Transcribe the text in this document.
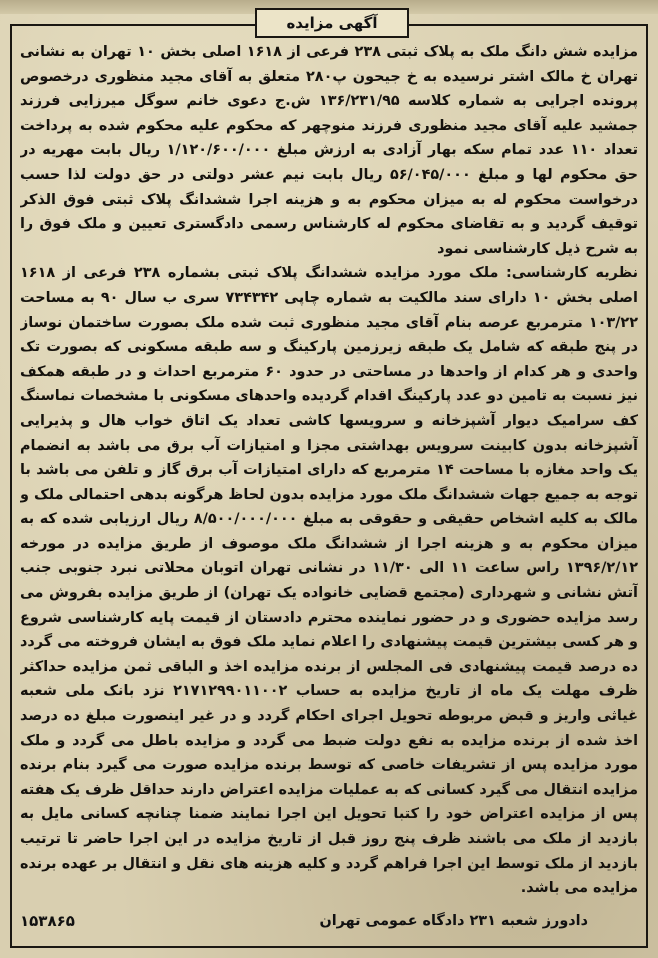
آگهی مزایده

مزایده شش دانگ ملک به پلاک ثبتی ۲۳۸ فرعی از ۱۶۱۸ اصلی بخش ۱۰ تهران به نشانی تهران خ مالک اشتر نرسیده به خ جیحون پ۲۸۰ متعلق به آقای مجید منظوری درخصوص پرونده اجرایی به شماره کلاسه ۱۳۶/۲۳۱/۹۵ ش.ج دعوی خانم سوگل میرزایی فرزند جمشید علیه آقای مجید منظوری فرزند منوچهر که محکوم علیه محکوم شده به پرداخت تعداد ۱۱۰ عدد تمام سکه بهار آزادی به ارزش مبلغ ۱/۱۲۰/۶۰۰/۰۰۰ ریال بابت مهریه در حق محکوم لها و مبلغ ۵۶/۰۴۵/۰۰۰ ریال بابت نیم عشر دولتی در حق دولت لذا حسب درخواست محکوم له به میزان محکوم به و هزینه اجرا ششدانگ پلاک ثبتی فوق الذکر توقیف گردید و به تقاضای محکوم له کارشناس رسمی دادگستری تعیین و ملک فوق را به شرح ذیل کارشناسی نمود

نظریه کارشناسی: ملک مورد مزایده ششدانگ پلاک ثبتی بشماره ۲۳۸ فرعی از ۱۶۱۸ اصلی بخش ۱۰ دارای سند مالکیت به شماره چاپی ۷۳۴۳۴۲ سری ب سال ۹۰ به مساحت ۱۰۳/۲۲ مترمربع عرصه بنام آقای مجید منظوری ثبت شده ملک بصورت ساختمان نوساز در پنج طبقه که شامل یک طبقه زیرزمین پارکینگ و سه طبقه مسکونی که بصورت تک واحدی و هر کدام از واحدها در مساحتی در حدود ۶۰ مترمربع احداث و در طبقه همکف نیز نسبت به تامین دو عدد پارکینگ اقدام گردیده واحدهای مسکونی با مشخصات نماسنگ کف سرامیک دیوار آشپزخانه و سرویسها کاشی تعداد یک اتاق خواب هال و پذیرایی آشپزخانه بدون کابینت سرویس بهداشتی مجزا و امتیازات آب برق می باشد به انضمام یک واحد مغازه با مساحت ۱۴ مترمربع که دارای امتیازات آب برق گاز و تلفن می باشد با توجه به جمیع جهات ششدانگ ملک مورد مزایده بدون لحاظ هرگونه بدهی احتمالی ملک و مالک به کلیه اشخاص حقیقی و حقوقی به مبلغ ۸/۵۰۰/۰۰۰/۰۰۰ ریال ارزیابی شده که به میزان محکوم به و هزینه اجرا از ششدانگ ملک موصوف از طریق مزایده در مورخه ۱۳۹۶/۲/۱۲ راس ساعت ۱۱ الی ۱۱/۳۰ در نشانی تهران اتوبان محلاتی نبرد جنوبی جنب آتش نشانی و شهرداری (مجتمع قضایی خانواده یک تهران) از طریق مزایده بفروش می رسد مزایده حضوری و در حضور نماینده محترم دادستان از قیمت پایه کارشناسی شروع و هر کسی بیشترین قیمت پیشنهادی را اعلام نماید ملک فوق به ایشان فروخته می گردد ده درصد قیمت پیشنهادی فی المجلس از برنده مزایده اخذ و الباقی ثمن مزایده حداکثر ظرف مهلت یک ماه از تاریخ مزایده به حساب ۲۱۷۱۲۹۹۰۱۱۰۰۲ نزد بانک ملی شعبه غیاثی واریز و قبض مربوطه تحویل اجرای احکام گردد و در غیر اینصورت مبلغ ده درصد اخذ شده از برنده مزایده به نفع دولت ضبط می گردد و مزایده باطل می گردد و ملک مورد مزایده پس از تشریفات خاصی که توسط برنده مزایده صورت می گیرد بنام برنده مزایده انتقال می گیرد کسانی که به عملیات مزایده اعتراض دارند حداقل ظرف یک هفته پس از مزایده اعتراض خود را کتبا تحویل این اجرا نمایند ضمنا چنانچه کسانی مایل به بازدید از ملک می باشند ظرف پنج روز قبل از تاریخ مزایده در این اجرا حاضر تا ترتیب بازدید از ملک توسط این اجرا فراهم گردد و کلیه هزینه های نقل و انتقال بر عهده برنده مزایده می باشد.

۱۵۳۸۶۵	دادورز شعبه ۲۳۱ دادگاه عمومی تهران
